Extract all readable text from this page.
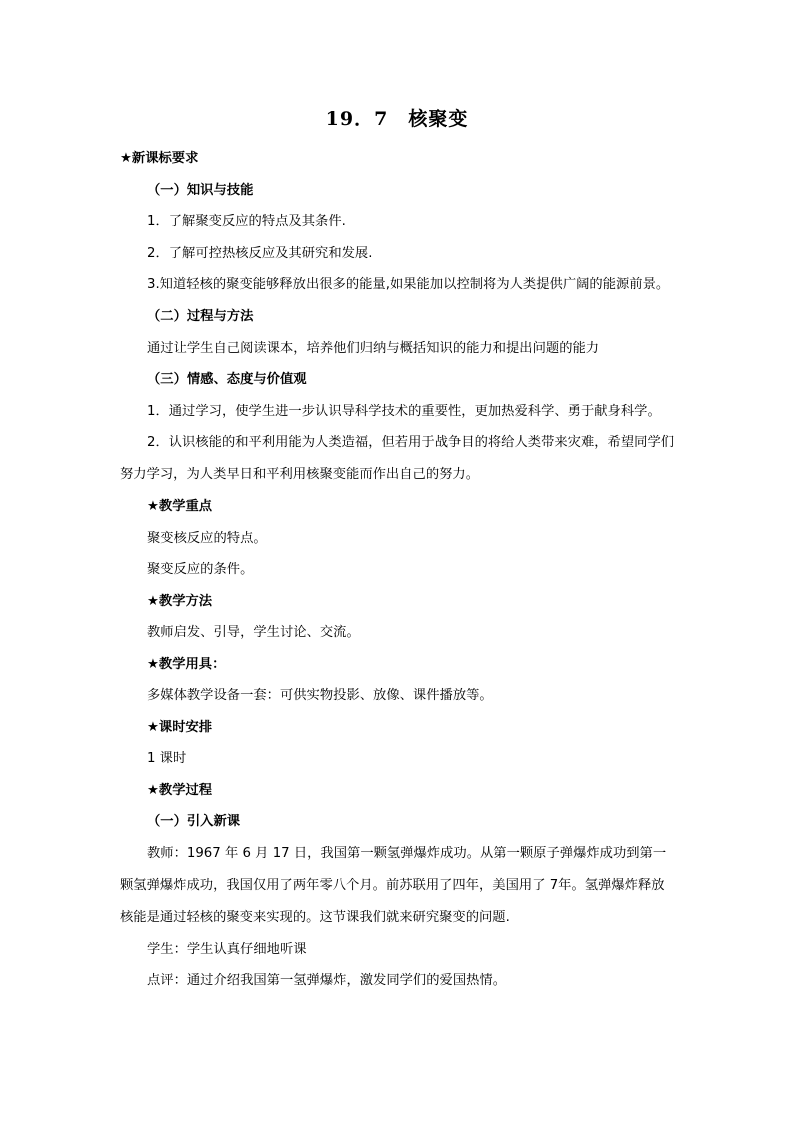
19．7　核聚变

★新课标要求

（一）知识与技能

1．了解聚变反应的特点及其条件.

2．了解可控热核反应及其研究和发展.

3.知道轻核的聚变能够释放出很多的能量,如果能加以控制将为人类提供广阔的能源前景。

（二）过程与方法

通过让学生自己阅读课本，培养他们归纳与概括知识的能力和提出问题的能力

（三）情感、态度与价值观

1．通过学习，使学生进一步认识导科学技术的重要性，更加热爱科学、勇于献身科学。

2．认识核能的和平利用能为人类造福，但若用于战争目的将给人类带来灾难，希望同学们努力学习，为人类早日和平利用核聚变能而作出自己的努力。

★教学重点

聚变核反应的特点。

聚变反应的条件。

★教学方法

教师启发、引导，学生讨论、交流。

★教学用具：

多媒体教学设备一套：可供实物投影、放像、课件播放等。

★课时安排

1 课时

★教学过程

（一）引入新课

教师：1967 年 6 月 17 日，我国第一颗氢弹爆炸成功。从第一颗原子弹爆炸成功到第一颗氢弹爆炸成功，我国仅用了两年零八个月。前苏联用了四年，美国用了 7年。氢弹爆炸释放核能是通过轻核的聚变来实现的。这节课我们就来研究聚变的问题.

学生：学生认真仔细地听课

点评：通过介绍我国第一氢弹爆炸，激发同学们的爱国热情。
